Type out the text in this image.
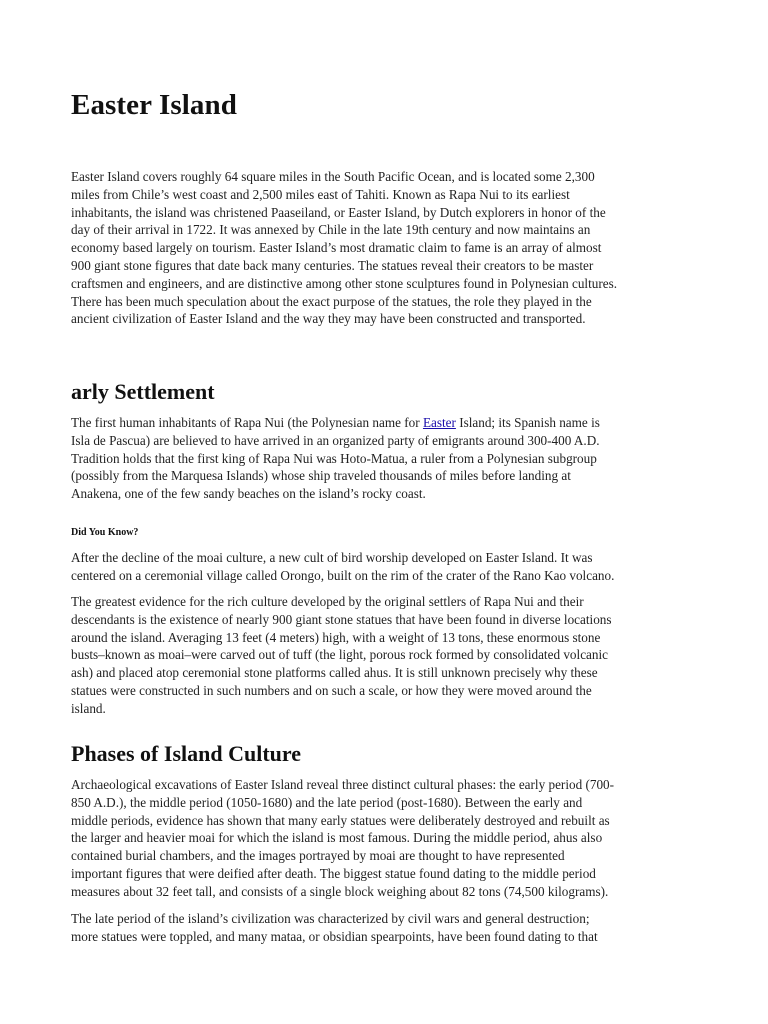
Easter Island
Easter Island covers roughly 64 square miles in the South Pacific Ocean, and is located some 2,300
miles from Chile’s west coast and 2,500 miles east of Tahiti. Known as Rapa Nui to its earliest
inhabitants, the island was christened Paaseiland, or Easter Island, by Dutch explorers in honor of the
day of their arrival in 1722. It was annexed by Chile in the late 19th century and now maintains an
economy based largely on tourism. Easter Island’s most dramatic claim to fame is an array of almost
900 giant stone figures that date back many centuries. The statues reveal their creators to be master
craftsmen and engineers, and are distinctive among other stone sculptures found in Polynesian cultures.
There has been much speculation about the exact purpose of the statues, the role they played in the
ancient civilization of Easter Island and the way they may have been constructed and transported.
arly Settlement
The first human inhabitants of Rapa Nui (the Polynesian name for Easter Island; its Spanish name is
Isla de Pascua) are believed to have arrived in an organized party of emigrants around 300-400 A.D.
Tradition holds that the first king of Rapa Nui was Hoto-Matua, a ruler from a Polynesian subgroup
(possibly from the Marquesa Islands) whose ship traveled thousands of miles before landing at
Anakena, one of the few sandy beaches on the island’s rocky coast.
Did You Know?
After the decline of the moai culture, a new cult of bird worship developed on Easter Island. It was
centered on a ceremonial village called Orongo, built on the rim of the crater of the Rano Kao volcano.
The greatest evidence for the rich culture developed by the original settlers of Rapa Nui and their
descendants is the existence of nearly 900 giant stone statues that have been found in diverse locations
around the island. Averaging 13 feet (4 meters) high, with a weight of 13 tons, these enormous stone
busts–known as moai–were carved out of tuff (the light, porous rock formed by consolidated volcanic
ash) and placed atop ceremonial stone platforms called ahus. It is still unknown precisely why these
statues were constructed in such numbers and on such a scale, or how they were moved around the
island.
Phases of Island Culture
Archaeological excavations of Easter Island reveal three distinct cultural phases: the early period (700-
850 A.D.), the middle period (1050-1680) and the late period (post-1680). Between the early and
middle periods, evidence has shown that many early statues were deliberately destroyed and rebuilt as
the larger and heavier moai for which the island is most famous. During the middle period, ahus also
contained burial chambers, and the images portrayed by moai are thought to have represented
important figures that were deified after death. The biggest statue found dating to the middle period
measures about 32 feet tall, and consists of a single block weighing about 82 tons (74,500 kilograms).
The late period of the island’s civilization was characterized by civil wars and general destruction;
more statues were toppled, and many mataa, or obsidian spearpoints, have been found dating to that
